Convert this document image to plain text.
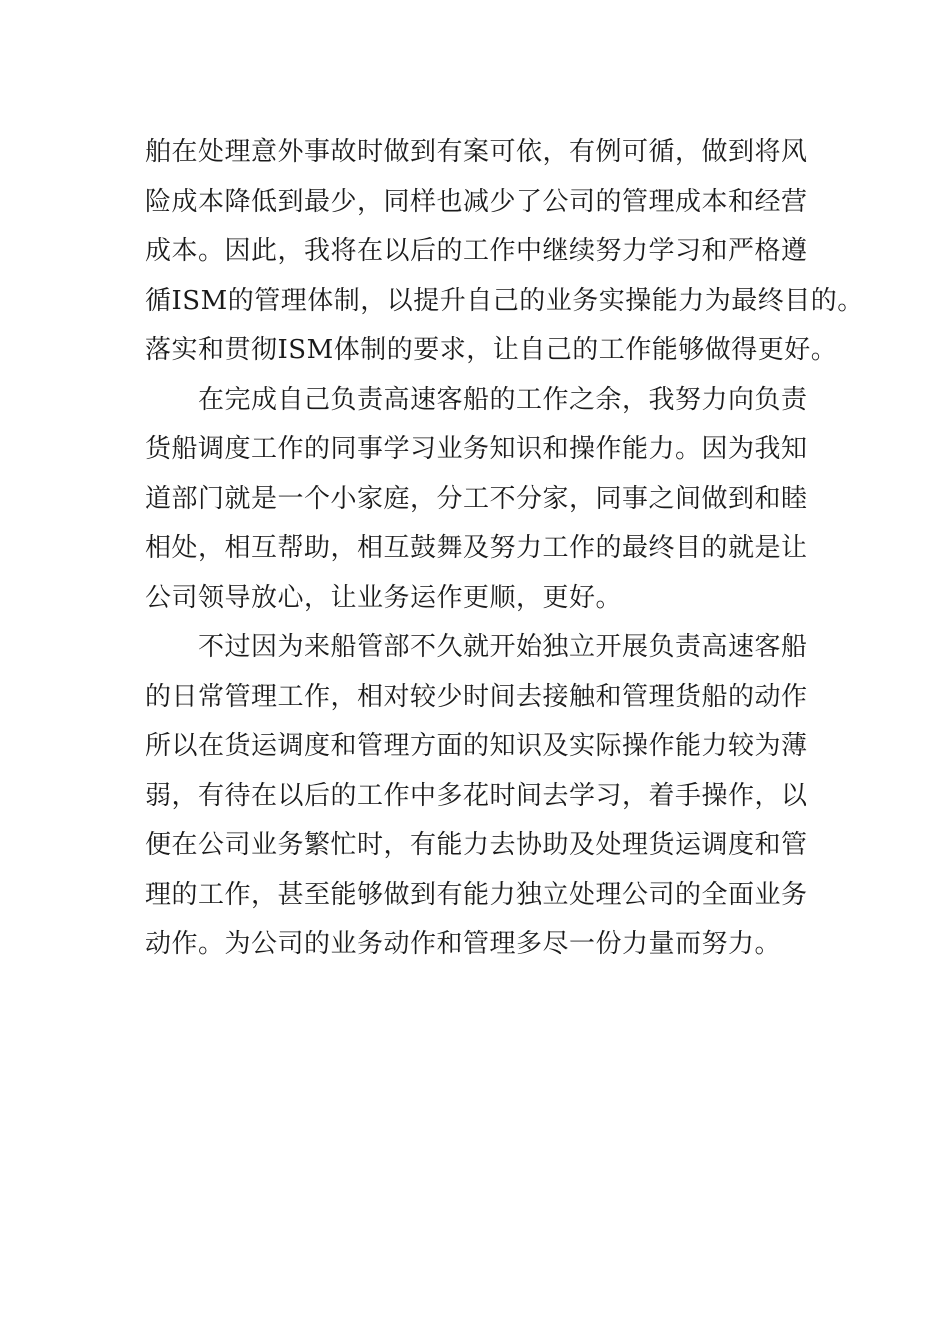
舶在处理意外事故时做到有案可依，有例可循，做到将风
险成本降低到最少，同样也减少了公司的管理成本和经营
成本。因此，我将在以后的工作中继续努力学习和严格遵
循ISM的管理体制，以提升自己的业务实操能力为最终目的。
落实和贯彻ISM体制的要求，让自己的工作能够做得更好。
在完成自己负责高速客船的工作之余，我努力向负责
货船调度工作的同事学习业务知识和操作能力。因为我知
道部门就是一个小家庭，分工不分家，同事之间做到和睦
相处，相互帮助，相互鼓舞及努力工作的最终目的就是让
公司领导放心，让业务运作更顺，更好。
不过因为来船管部不久就开始独立开展负责高速客船
的日常管理工作，相对较少时间去接触和管理货船的动作
所以在货运调度和管理方面的知识及实际操作能力较为薄
弱，有待在以后的工作中多花时间去学习，着手操作，以
便在公司业务繁忙时，有能力去协助及处理货运调度和管
理的工作，甚至能够做到有能力独立处理公司的全面业务
动作。为公司的业务动作和管理多尽一份力量而努力。
